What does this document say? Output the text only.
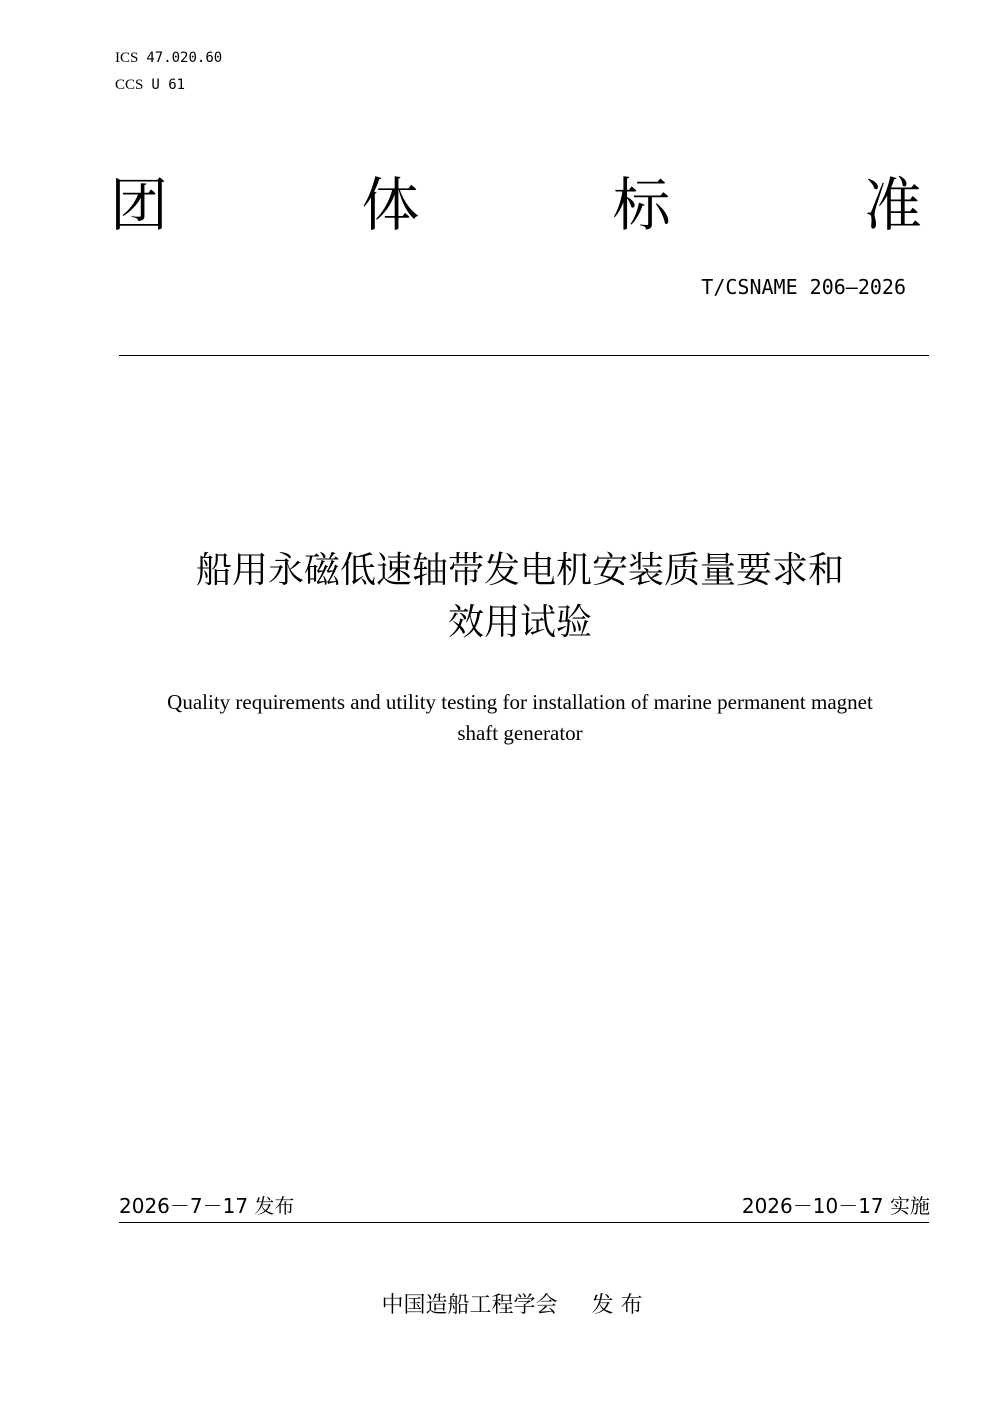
ICS 47.020.60
CCS U 61
团	体	标	准
T/CSNAME 206—2026
船用永磁低速轴带发电机安装质量要求和
效用试验
Quality requirements and utility testing for installation of marine permanent magnet
shaft generator
2026－7－17 发布	2026－10－17 实施
中国造船工程学会 发 布
